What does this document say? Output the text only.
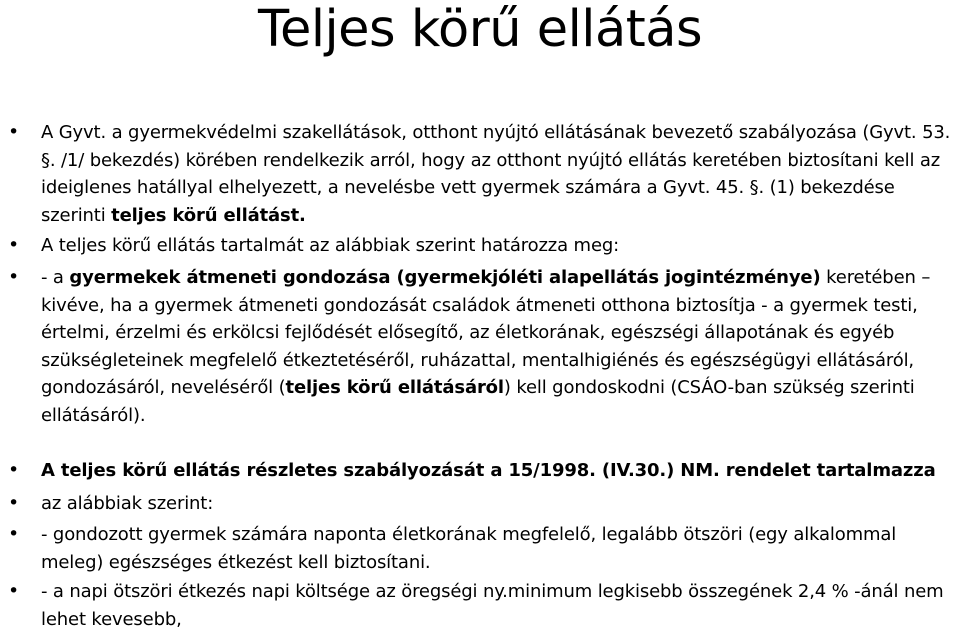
Teljes körű ellátás
• A Gyvt. a gyermekvédelmi szakellátások, otthont nyújtó ellátásának bevezető szabályozása (Gyvt. 53. §. /1/ bekezdés) körében rendelkezik arról, hogy az otthont nyújtó ellátás keretében biztosítani kell az ideiglenes hatállyal elhelyezett, a nevelésbe vett gyermek számára a Gyvt. 45. §. (1) bekezdése szerinti teljes körű ellátást.
• A teljes körű ellátás tartalmát az alábbiak szerint határozza meg:
• - a gyermekek átmeneti gondozása (gyermekjóléti alapellátás jogintézménye) keretében – kivéve, ha a gyermek átmeneti gondozását családok átmeneti otthona biztosítja - a gyermek testi, értelmi, érzelmi és erkölcsi fejlődését elősegítő, az életkorának, egészségi állapotának és egyéb szükségleteinek megfelelő étkeztetéséről, ruházattal, mentalhigiénés és egészségügyi ellátásáról, gondozásáról, neveléséről (teljes körű ellátásáról) kell gondoskodni (CSÁO-ban szükség szerinti ellátásáról).
• A teljes körű ellátás részletes szabályozását a 15/1998. (IV.30.) NM. rendelet tartalmazza
• az alábbiak szerint:
• - gondozott gyermek számára naponta életkorának megfelelő, legalább ötszöri (egy alkalommal meleg) egészséges étkezést kell biztosítani.
• - a napi ötszöri étkezés napi költsége az öregségi ny.minimum legkisebb összegének 2,4 % -ánál nem lehet kevesebb,
